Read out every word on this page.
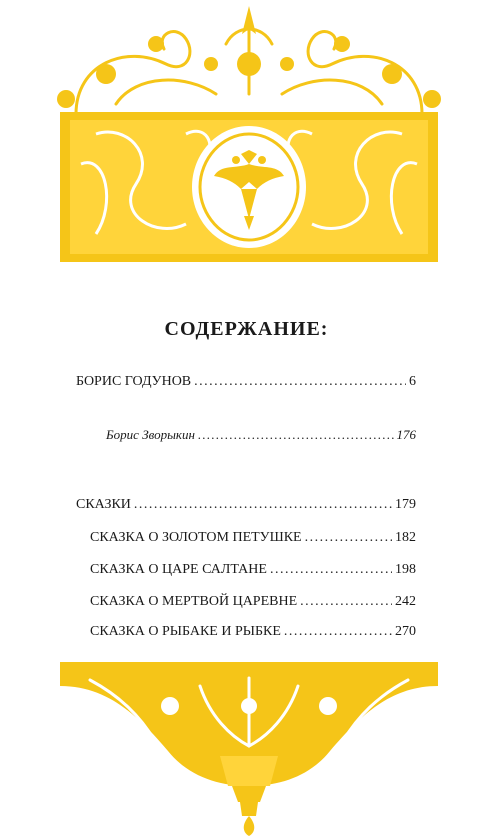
СОДЕРЖАНИЕ:
БОРИС ГОДУНОВ . . .	6
Борис Зворыкин . . .	176
СКАЗКИ . . .	179
СКАЗКА О ЗОЛОТОМ ПЕТУШКЕ . . .	182
СКАЗКА О ЦАРЕ САЛТАНЕ . . .	198
СКАЗКА О МЕРТВОЙ ЦАРЕВНЕ . . .	242
СКАЗКА О РЫБАКЕ И РЫБКЕ . . .	270
